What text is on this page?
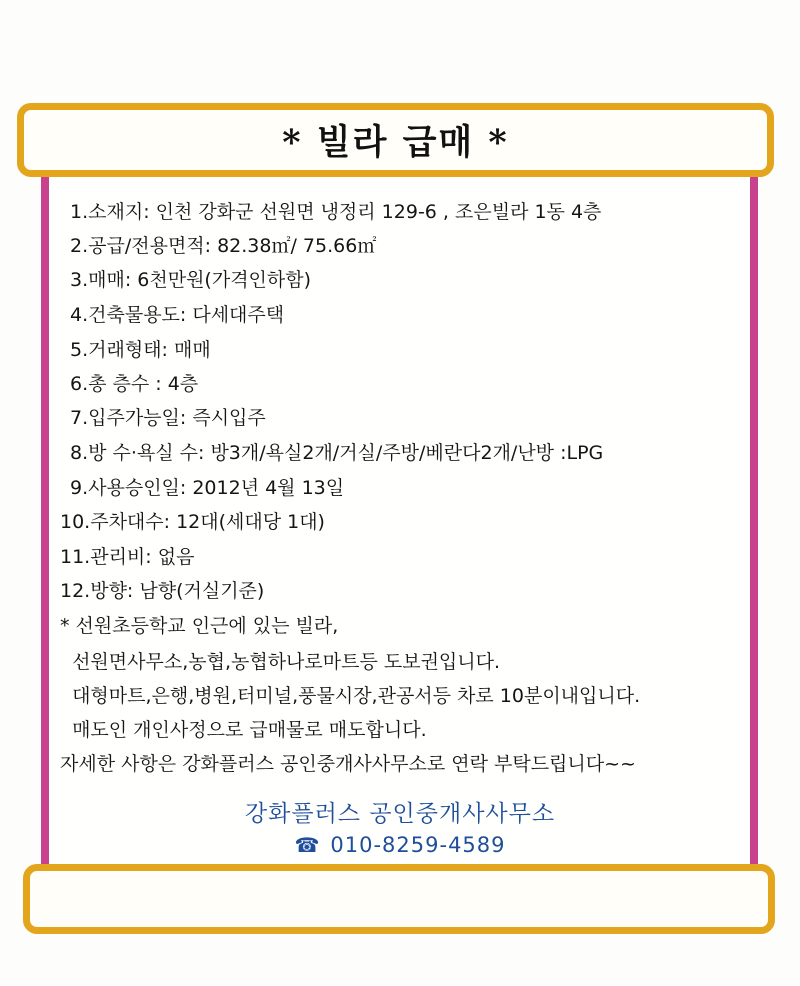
* 빌라 급매 *
1.소재지: 인천 강화군 선원면 냉정리 129-6 , 조은빌라 1동 4층
2.공급/전용면적: 82.38㎡/ 75.66㎡
3.매매: 6천만원(가격인하함)
4.건축물용도: 다세대주택
5.거래형태: 매매
6.총 층수 : 4층
7.입주가능일: 즉시입주
8.방 수·욕실 수: 방3개/욕실2개/거실/주방/베란다2개/난방 :LPG
9.사용승인일: 2012년 4월 13일
10.주차대수: 12대(세대당 1대)
11.관리비: 없음
12.방향: 남향(거실기준)
* 선원초등학교 인근에 있는 빌라,
선원면사무소,농협,농협하나로마트등 도보권입니다.
대형마트,은행,병원,터미널,풍물시장,관공서등 차로 10분이내입니다.
매도인 개인사정으로 급매물로 매도합니다.
자세한 사항은 강화플러스 공인중개사사무소로 연락 부탁드립니다~~
강화플러스 공인중개사사무소
☎ 010-8259-4589
